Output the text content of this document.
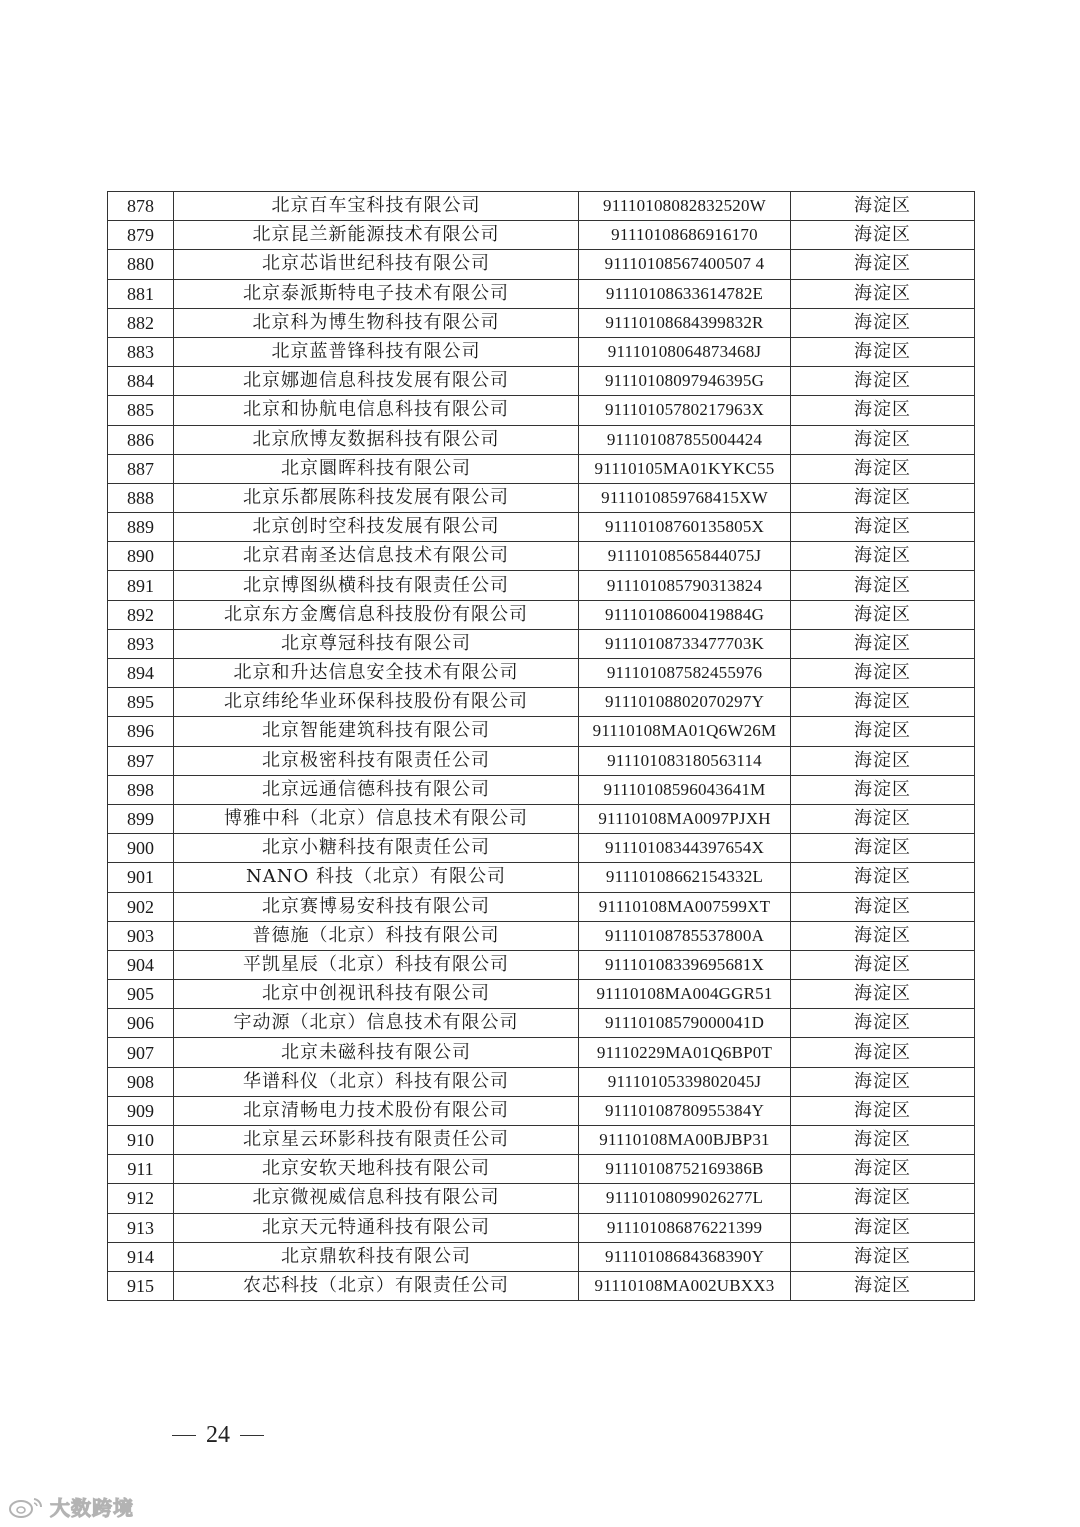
878	北京百车宝科技有限公司	91110108082832520W	海淀区
879	北京昆兰新能源技术有限公司	91110108686916170	海淀区
880	北京芯诣世纪科技有限公司	91110108567400507 4	海淀区
881	北京泰派斯特电子技术有限公司	91110108633614782E	海淀区
882	北京科为博生物科技有限公司	91110108684399832R	海淀区
883	北京蓝普锋科技有限公司	91110108064873468J	海淀区
884	北京娜迦信息科技发展有限公司	91110108097946395G	海淀区
885	北京和协航电信息科技有限公司	91110105780217963X	海淀区
886	北京欣博友数据科技有限公司	911101087855004424	海淀区
887	北京圜晖科技有限公司	91110105MA01KYKC55	海淀区
888	北京乐都展陈科技发展有限公司	9111010859768415XW	海淀区
889	北京创时空科技发展有限公司	91110108760135805X	海淀区
890	北京君南圣达信息技术有限公司	91110108565844075J	海淀区
891	北京博图纵横科技有限责任公司	911101085790313824	海淀区
892	北京东方金鹰信息科技股份有限公司	91110108600419884G	海淀区
893	北京尊冠科技有限公司	91110108733477703K	海淀区
894	北京和升达信息安全技术有限公司	911101087582455976	海淀区
895	北京纬纶华业环保科技股份有限公司	91110108802070297Y	海淀区
896	北京智能建筑科技有限公司	91110108MA01Q6W26M	海淀区
897	北京极密科技有限责任公司	911101083180563114	海淀区
898	北京远通信德科技有限公司	91110108596043641M	海淀区
899	博雅中科（北京）信息技术有限公司	91110108MA0097PJXH	海淀区
900	北京小糖科技有限责任公司	91110108344397654X	海淀区
901	NANO 科技（北京）有限公司	91110108662154332L	海淀区
902	北京赛博易安科技有限公司	91110108MA007599XT	海淀区
903	普德施（北京）科技有限公司	91110108785537800A	海淀区
904	平凯星辰（北京）科技有限公司	91110108339695681X	海淀区
905	北京中创视讯科技有限公司	91110108MA004GGR51	海淀区
906	宇动源（北京）信息技术有限公司	91110108579000041D	海淀区
907	北京未磁科技有限公司	91110229MA01Q6BP0T	海淀区
908	华谱科仪（北京）科技有限公司	91110105339802045J	海淀区
909	北京清畅电力技术股份有限公司	91110108780955384Y	海淀区
910	北京星云环影科技有限责任公司	91110108MA00BJBP31	海淀区
911	北京安软天地科技有限公司	91110108752169386B	海淀区
912	北京微视威信息科技有限公司	91110108099026277L	海淀区
913	北京天元特通科技有限公司	911101086876221399	海淀区
914	北京鼎软科技有限公司	91110108684368390Y	海淀区
915	农芯科技（北京）有限责任公司	91110108MA002UBXX3	海淀区
24
大数跨境
